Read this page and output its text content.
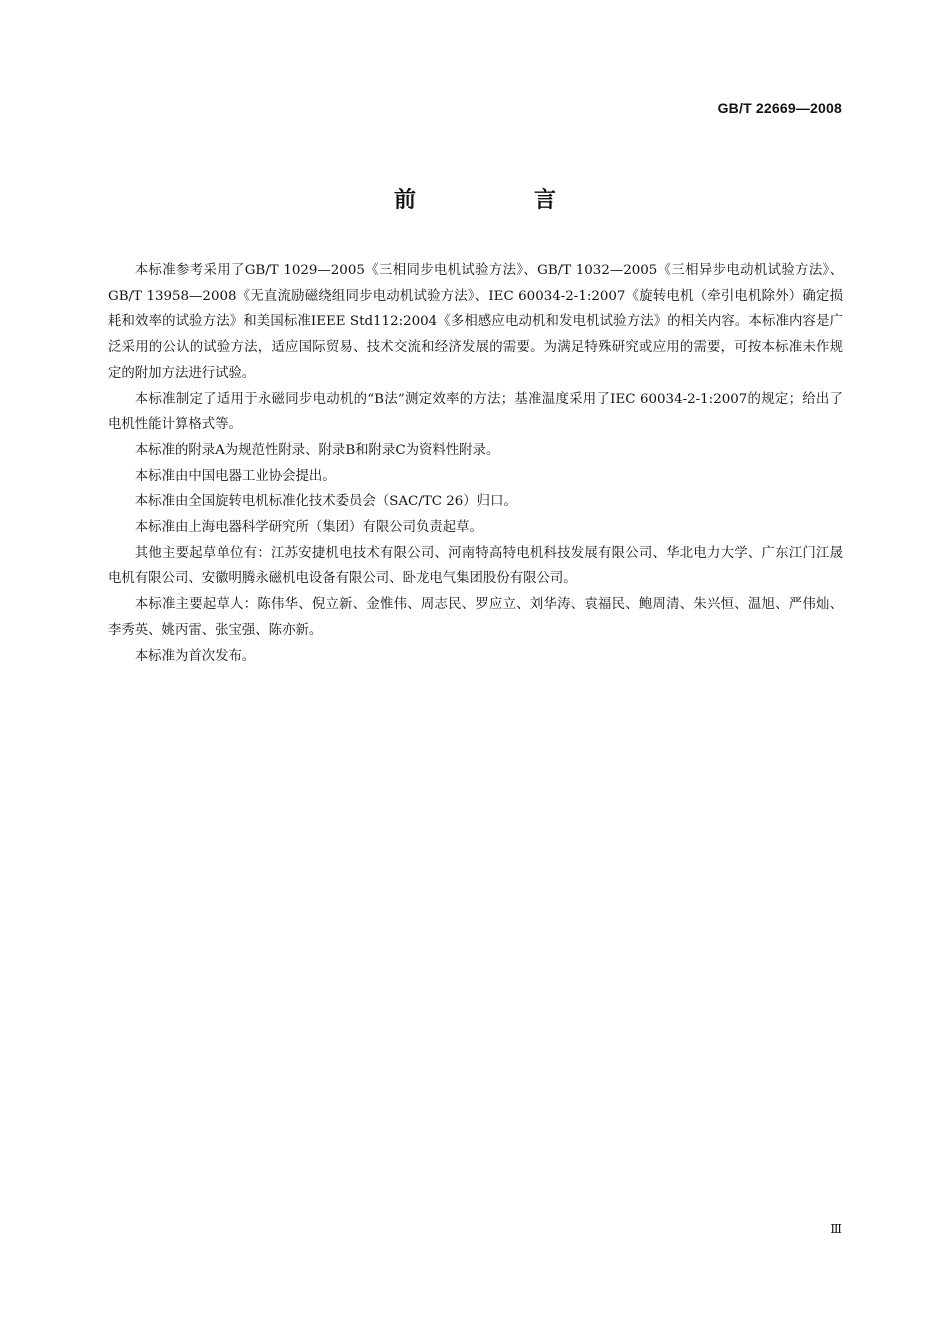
GB/T 22669—2008
前　言

本标准参考采用了GB/T 1029—2005《三相同步电机试验方法》、GB/T 1032—2005《三相异步电动机试验方法》、GB/T 13958—2008《无直流励磁绕组同步电动机试验方法》、IEC 60034-2-1:2007《旋转电机（牵引电机除外）确定损耗和效率的试验方法》和美国标准IEEE Std112:2004《多相感应电动机和发电机试验方法》的相关内容。本标准内容是广泛采用的公认的试验方法，适应国际贸易、技术交流和经济发展的需要。为满足特殊研究或应用的需要，可按本标准未作规定的附加方法进行试验。

本标准制定了适用于永磁同步电动机的“B法”测定效率的方法；基准温度采用了IEC 60034-2-1:2007的规定；给出了电机性能计算格式等。

本标准的附录A为规范性附录、附录B和附录C为资料性附录。

本标准由中国电器工业协会提出。

本标准由全国旋转电机标准化技术委员会（SAC/TC 26）归口。

本标准由上海电器科学研究所（集团）有限公司负责起草。

其他主要起草单位有：江苏安捷机电技术有限公司、河南特高特电机科技发展有限公司、华北电力大学、广东江门江晟电机有限公司、安徽明腾永磁机电设备有限公司、卧龙电气集团股份有限公司。

本标准主要起草人：陈伟华、倪立新、金惟伟、周志民、罗应立、刘华涛、袁福民、鲍周清、朱兴恒、温旭、严伟灿、李秀英、姚丙雷、张宝强、陈亦新。

本标准为首次发布。

Ⅲ
